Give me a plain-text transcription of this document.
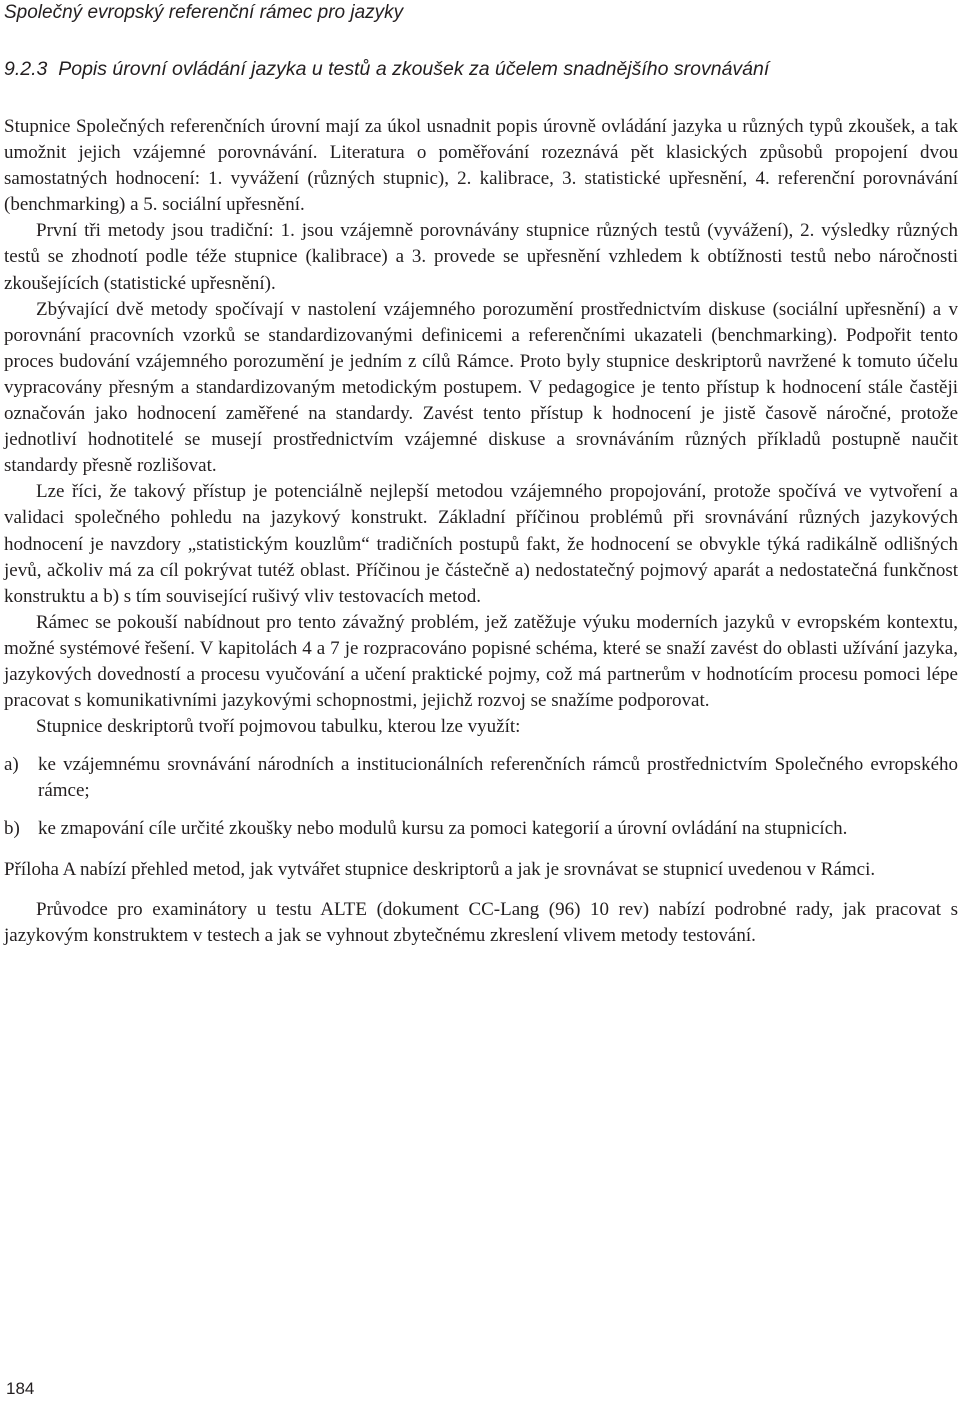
Společný evropský referenční rámec pro jazyky
9.2.3 Popis úrovní ovládání jazyka u testů a zkoušek za účelem snadnějšího srovnávání

Stupnice Společných referenčních úrovní mají za úkol usnadnit popis úrovně ovládání jazyka u různých typů zkoušek, a tak umožnit jejich vzájemné porovnávání. Literatura o poměřování rozeznává pět klasických způsobů propojení dvou samostatných hodnocení: 1. vyvážení (různých stupnic), 2. kalibrace, 3. statistické upřesnění, 4. referenční porovnávání (benchmarking) a 5. sociální upřesnění.

První tři metody jsou tradiční: 1. jsou vzájemně porovnávány stupnice různých testů (vyvážení), 2. výsledky různých testů se zhodnotí podle téže stupnice (kalibrace) a 3. provede se upřesnění vzhledem k obtížnosti testů nebo náročnosti zkoušejících (statistické upřesnění).

Zbývající dvě metody spočívají v nastolení vzájemného porozumění prostřednictvím diskuse (sociální upřesnění) a v porovnání pracovních vzorků se standardizovanými definicemi a referenčními ukazateli (benchmarking). Podpořit tento proces budování vzájemného porozumění je jedním z cílů Rámce. Proto byly stupnice deskriptorů navržené k tomuto účelu vypracovány přesným a standardizovaným metodickým postupem. V pedagogice je tento přístup k hodnocení stále častěji označován jako hodnocení zaměřené na standardy. Zavést tento přístup k hodnocení je jistě časově náročné, protože jednotliví hodnotitelé se musejí prostřednictvím vzájemné diskuse a srovnáváním různých příkladů postupně naučit standardy přesně rozlišovat.

Lze říci, že takový přístup je potenciálně nejlepší metodou vzájemného propojování, protože spočívá ve vytvoření a validaci společného pohledu na jazykový konstrukt. Základní příčinou problémů při srovnávání různých jazykových hodnocení je navzdory „statistickým kouzlům“ tradičních postupů fakt, že hodnocení se obvykle týká radikálně odlišných jevů, ačkoliv má za cíl pokrývat tutéž oblast. Příčinou je částečně a) nedostatečný pojmový aparát a nedostatečná funkčnost konstruktu a b) s tím související rušivý vliv testovacích metod.

Rámec se pokouší nabídnout pro tento závažný problém, jež zatěžuje výuku moderních jazyků v evropském kontextu, možné systémové řešení. V kapitolách 4 a 7 je rozpracováno popisné schéma, které se snaží zavést do oblasti užívání jazyka, jazykových dovedností a procesu vyučování a učení praktické pojmy, což má partnerům v hodnotícím procesu pomoci lépe pracovat s komunikativními jazykovými schopnostmi, jejichž rozvoj se snažíme podporovat.

Stupnice deskriptorů tvoří pojmovou tabulku, kterou lze využít:

a) ke vzájemnému srovnávání národních a institucionálních referenčních rámců prostřednictvím Společného evropského rámce;
b) ke zmapování cíle určité zkoušky nebo modulů kursu za pomoci kategorií a úrovní ovládání na stupnicích.

Příloha A nabízí přehled metod, jak vytvářet stupnice deskriptorů a jak je srovnávat se stupnicí uvedenou v Rámci.

Průvodce pro examinátory u testu ALTE (dokument CC-Lang (96) 10 rev) nabízí podrobné rady, jak pracovat s jazykovým konstruktem v testech a jak se vyhnout zbytečnému zkreslení vlivem metody testování.

184
